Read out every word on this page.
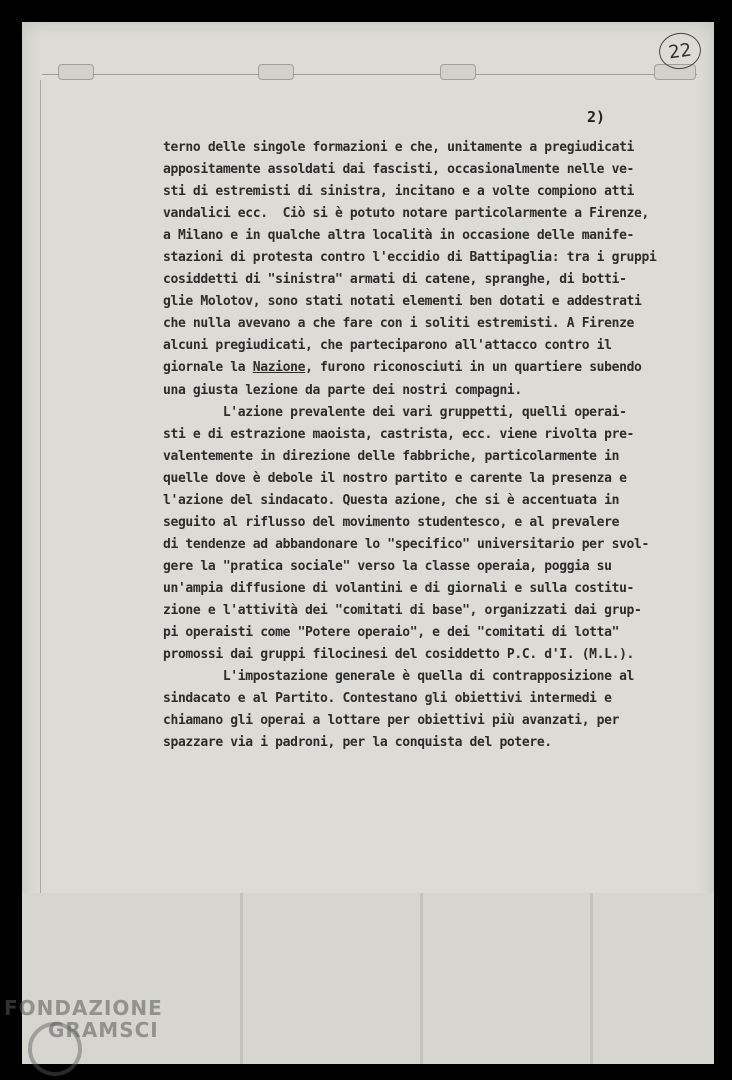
22
2)
terno delle singole formazioni e che, unitamente a pregiudicati
appositamente assoldati dai fascisti, occasionalmente nelle ve-
sti di estremisti di sinistra, incitano e a volte compiono atti
vandalici ecc.  Ciò si è potuto notare particolarmente a Firenze,
a Milano e in qualche altra località in occasione delle manife-
stazioni di protesta contro l'eccidio di Battipaglia: tra i gruppi
cosiddetti di "sinistra" armati di catene, spranghe, di botti-
glie Molotov, sono stati notati elementi ben dotati e addestrati
che nulla avevano a che fare con i soliti estremisti. A Firenze
alcuni pregiudicati, che parteciparono all'attacco contro il
giornale la Nazione, furono riconosciuti in un quartiere subendo
una giusta lezione da parte dei nostri compagni.
L'azione prevalente dei vari gruppetti, quelli operai-
sti e di estrazione maoista, castrista, ecc. viene rivolta pre-
valentemente in direzione delle fabbriche, particolarmente in
quelle dove è debole il nostro partito e carente la presenza e
l'azione del sindacato. Questa azione, che si è accentuata in
seguito al riflusso del movimento studentesco, e al prevalere
di tendenze ad abbandonare lo "specifico" universitario per svol-
gere la "pratica sociale" verso la classe operaia, poggia su
un'ampia diffusione di volantini e di giornali e sulla costitu-
zione e l'attività dei "comitati di base", organizzati dai grup-
pi operaisti come "Potere operaio", e dei "comitati di lotta"
promossi dai gruppi filocinesi del cosiddetto P.C. d'I. (M.L.).
L'impostazione generale è quella di contrapposizione al
sindacato e al Partito. Contestano gli obiettivi intermedi e
chiamano gli operai a lottare per obiettivi più avanzati, per
spazzare via i padroni, per la conquista del potere.
FONDAZIONE
GRAMSCI
